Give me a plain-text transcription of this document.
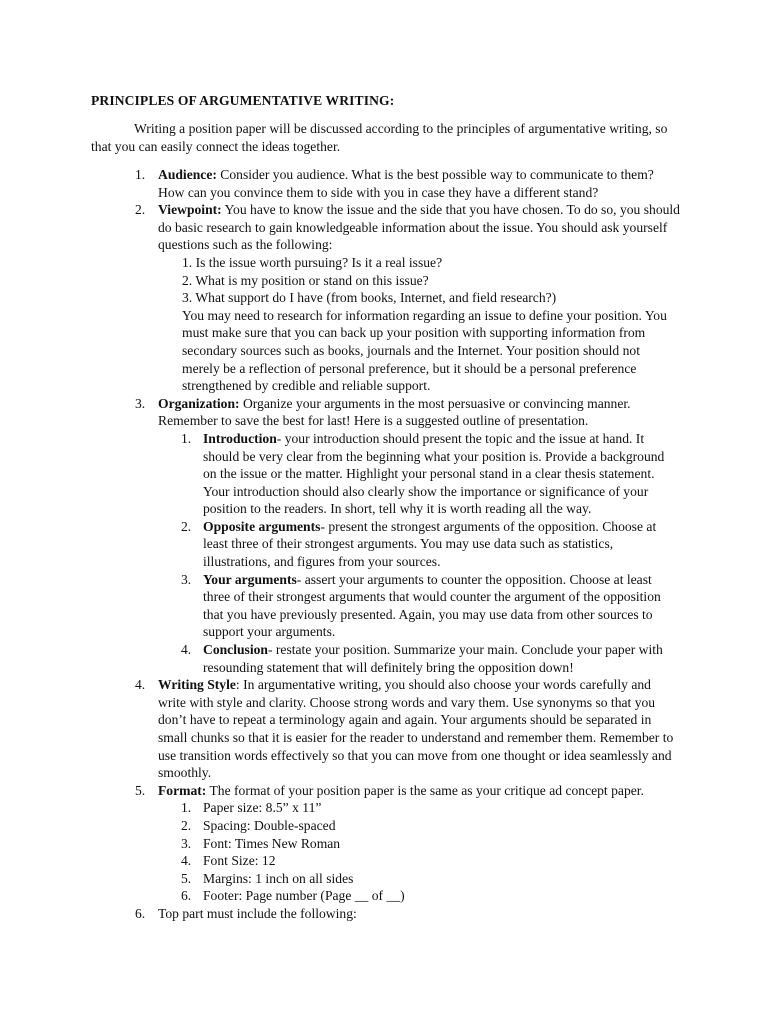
PRINCIPLES OF ARGUMENTATIVE WRITING:

Writing a position paper will be discussed according to the principles of argumentative writing, so that you can easily connect the ideas together.

1. Audience: Consider you audience. What is the best possible way to communicate to them? How can you convince them to side with you in case they have a different stand?
2. Viewpoint: You have to know the issue and the side that you have chosen. To do so, you should do basic research to gain knowledgeable information about the issue. You should ask yourself questions such as the following:
1. Is the issue worth pursuing? Is it a real issue?
2. What is my position or stand on this issue?
3. What support do I have (from books, Internet, and field research?)
You may need to research for information regarding an issue to define your position. You must make sure that you can back up your position with supporting information from secondary sources such as books, journals and the Internet. Your position should not merely be a reflection of personal preference, but it should be a personal preference strengthened by credible and reliable support.
3. Organization: Organize your arguments in the most persuasive or convincing manner. Remember to save the best for last! Here is a suggested outline of presentation.
1. Introduction- your introduction should present the topic and the issue at hand. It should be very clear from the beginning what your position is. Provide a background on the issue or the matter. Highlight your personal stand in a clear thesis statement. Your introduction should also clearly show the importance or significance of your position to the readers. In short, tell why it is worth reading all the way.
2. Opposite arguments- present the strongest arguments of the opposition. Choose at least three of their strongest arguments. You may use data such as statistics, illustrations, and figures from your sources.
3. Your arguments- assert your arguments to counter the opposition. Choose at least three of their strongest arguments that would counter the argument of the opposition that you have previously presented. Again, you may use data from other sources to support your arguments.
4. Conclusion- restate your position. Summarize your main. Conclude your paper with resounding statement that will definitely bring the opposition down!
4. Writing Style: In argumentative writing, you should also choose your words carefully and write with style and clarity. Choose strong words and vary them. Use synonyms so that you don’t have to repeat a terminology again and again. Your arguments should be separated in small chunks so that it is easier for the reader to understand and remember them. Remember to use transition words effectively so that you can move from one thought or idea seamlessly and smoothly.
5. Format: The format of your position paper is the same as your critique ad concept paper.
1. Paper size: 8.5” x 11”
2. Spacing: Double-spaced
3. Font: Times New Roman
4. Font Size: 12
5. Margins: 1 inch on all sides
6. Footer: Page number (Page __ of __)
6. Top part must include the following:
